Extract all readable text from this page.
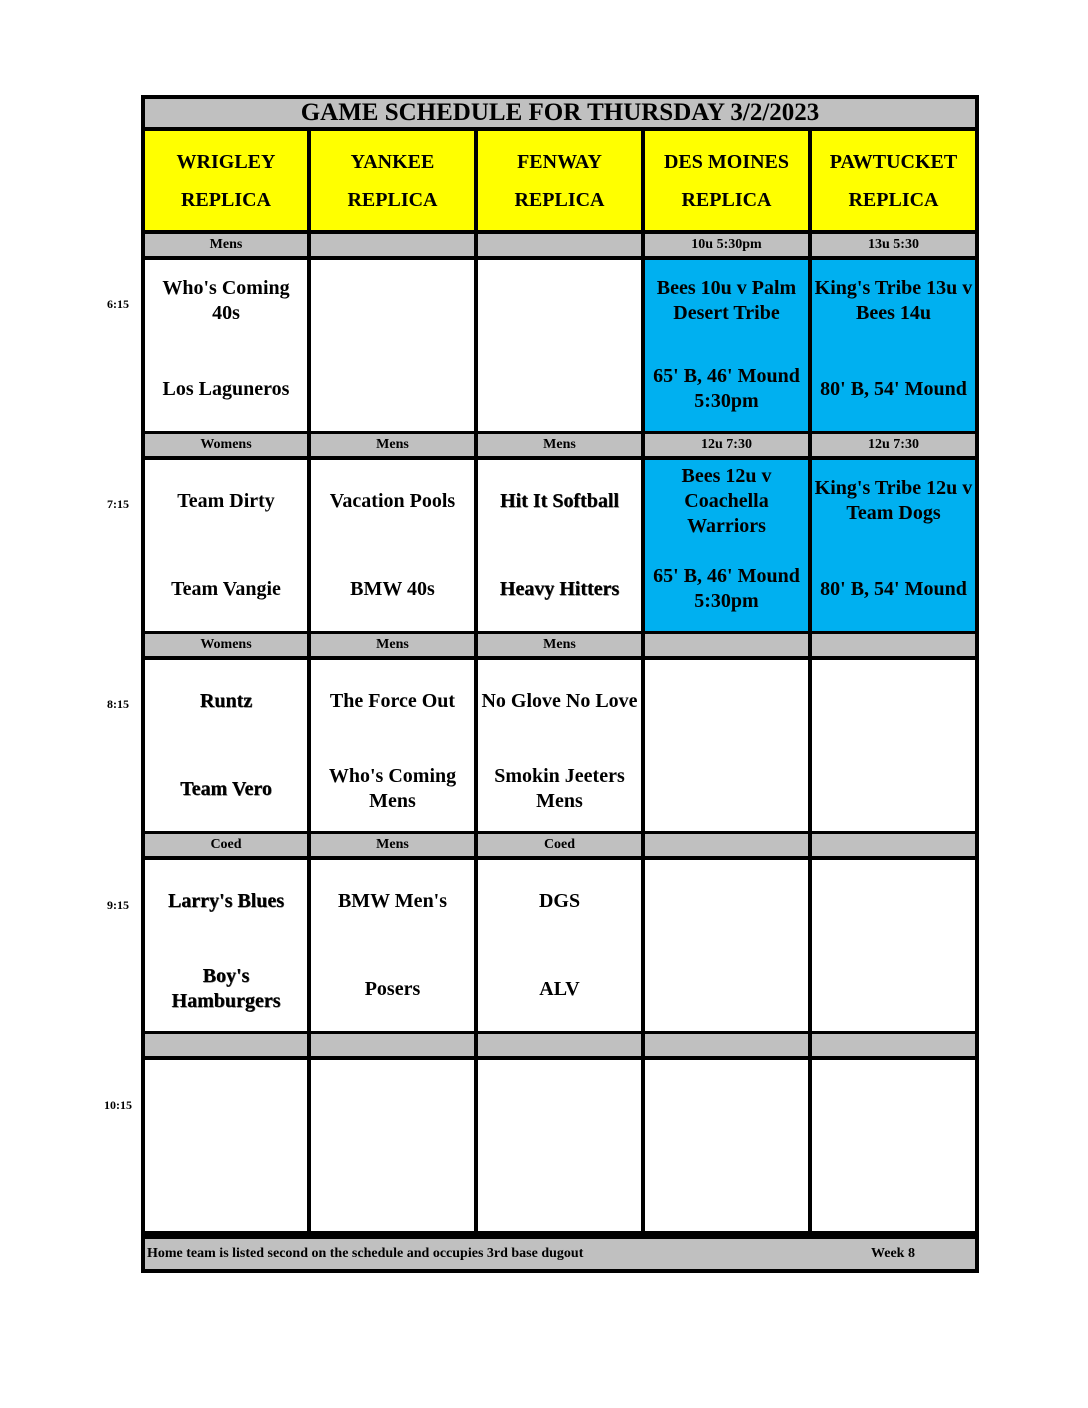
6:15
7:15
8:15
9:15
10:15
GAME SCHEDULE FOR THURSDAY 3/2/2023
WRIGLEY
REPLICA
YANKEE
REPLICA
FENWAY
REPLICA
DES MOINES
REPLICA
PAWTUCKET
REPLICA
Mens
Who's Coming 40s
Los Laguneros
10u 5:30pm
Bees 10u v Palm Desert Tribe
65' B, 46' Mound 5:30pm
13u 5:30
King's Tribe 13u v Bees 14u
80' B, 54' Mound
Womens
Team Dirty
Team Vangie
Mens
Vacation Pools
BMW 40s
Mens
Hit It Softball
Heavy Hitters
12u 7:30
Bees 12u v Coachella Warriors
65' B, 46' Mound 5:30pm
12u 7:30
King's Tribe 12u v Team Dogs
80' B, 54' Mound
Womens
Runtz
Team Vero
Mens
The Force Out
Who's Coming Mens
Mens
No Glove No Love
Smokin Jeeters Mens
Coed
Larry's Blues
Boy's Hamburgers
Mens
BMW Men's
Posers
Coed
DGS
ALV
Home team is listed second on the schedule and occupies 3rd base dugout	Week 8
